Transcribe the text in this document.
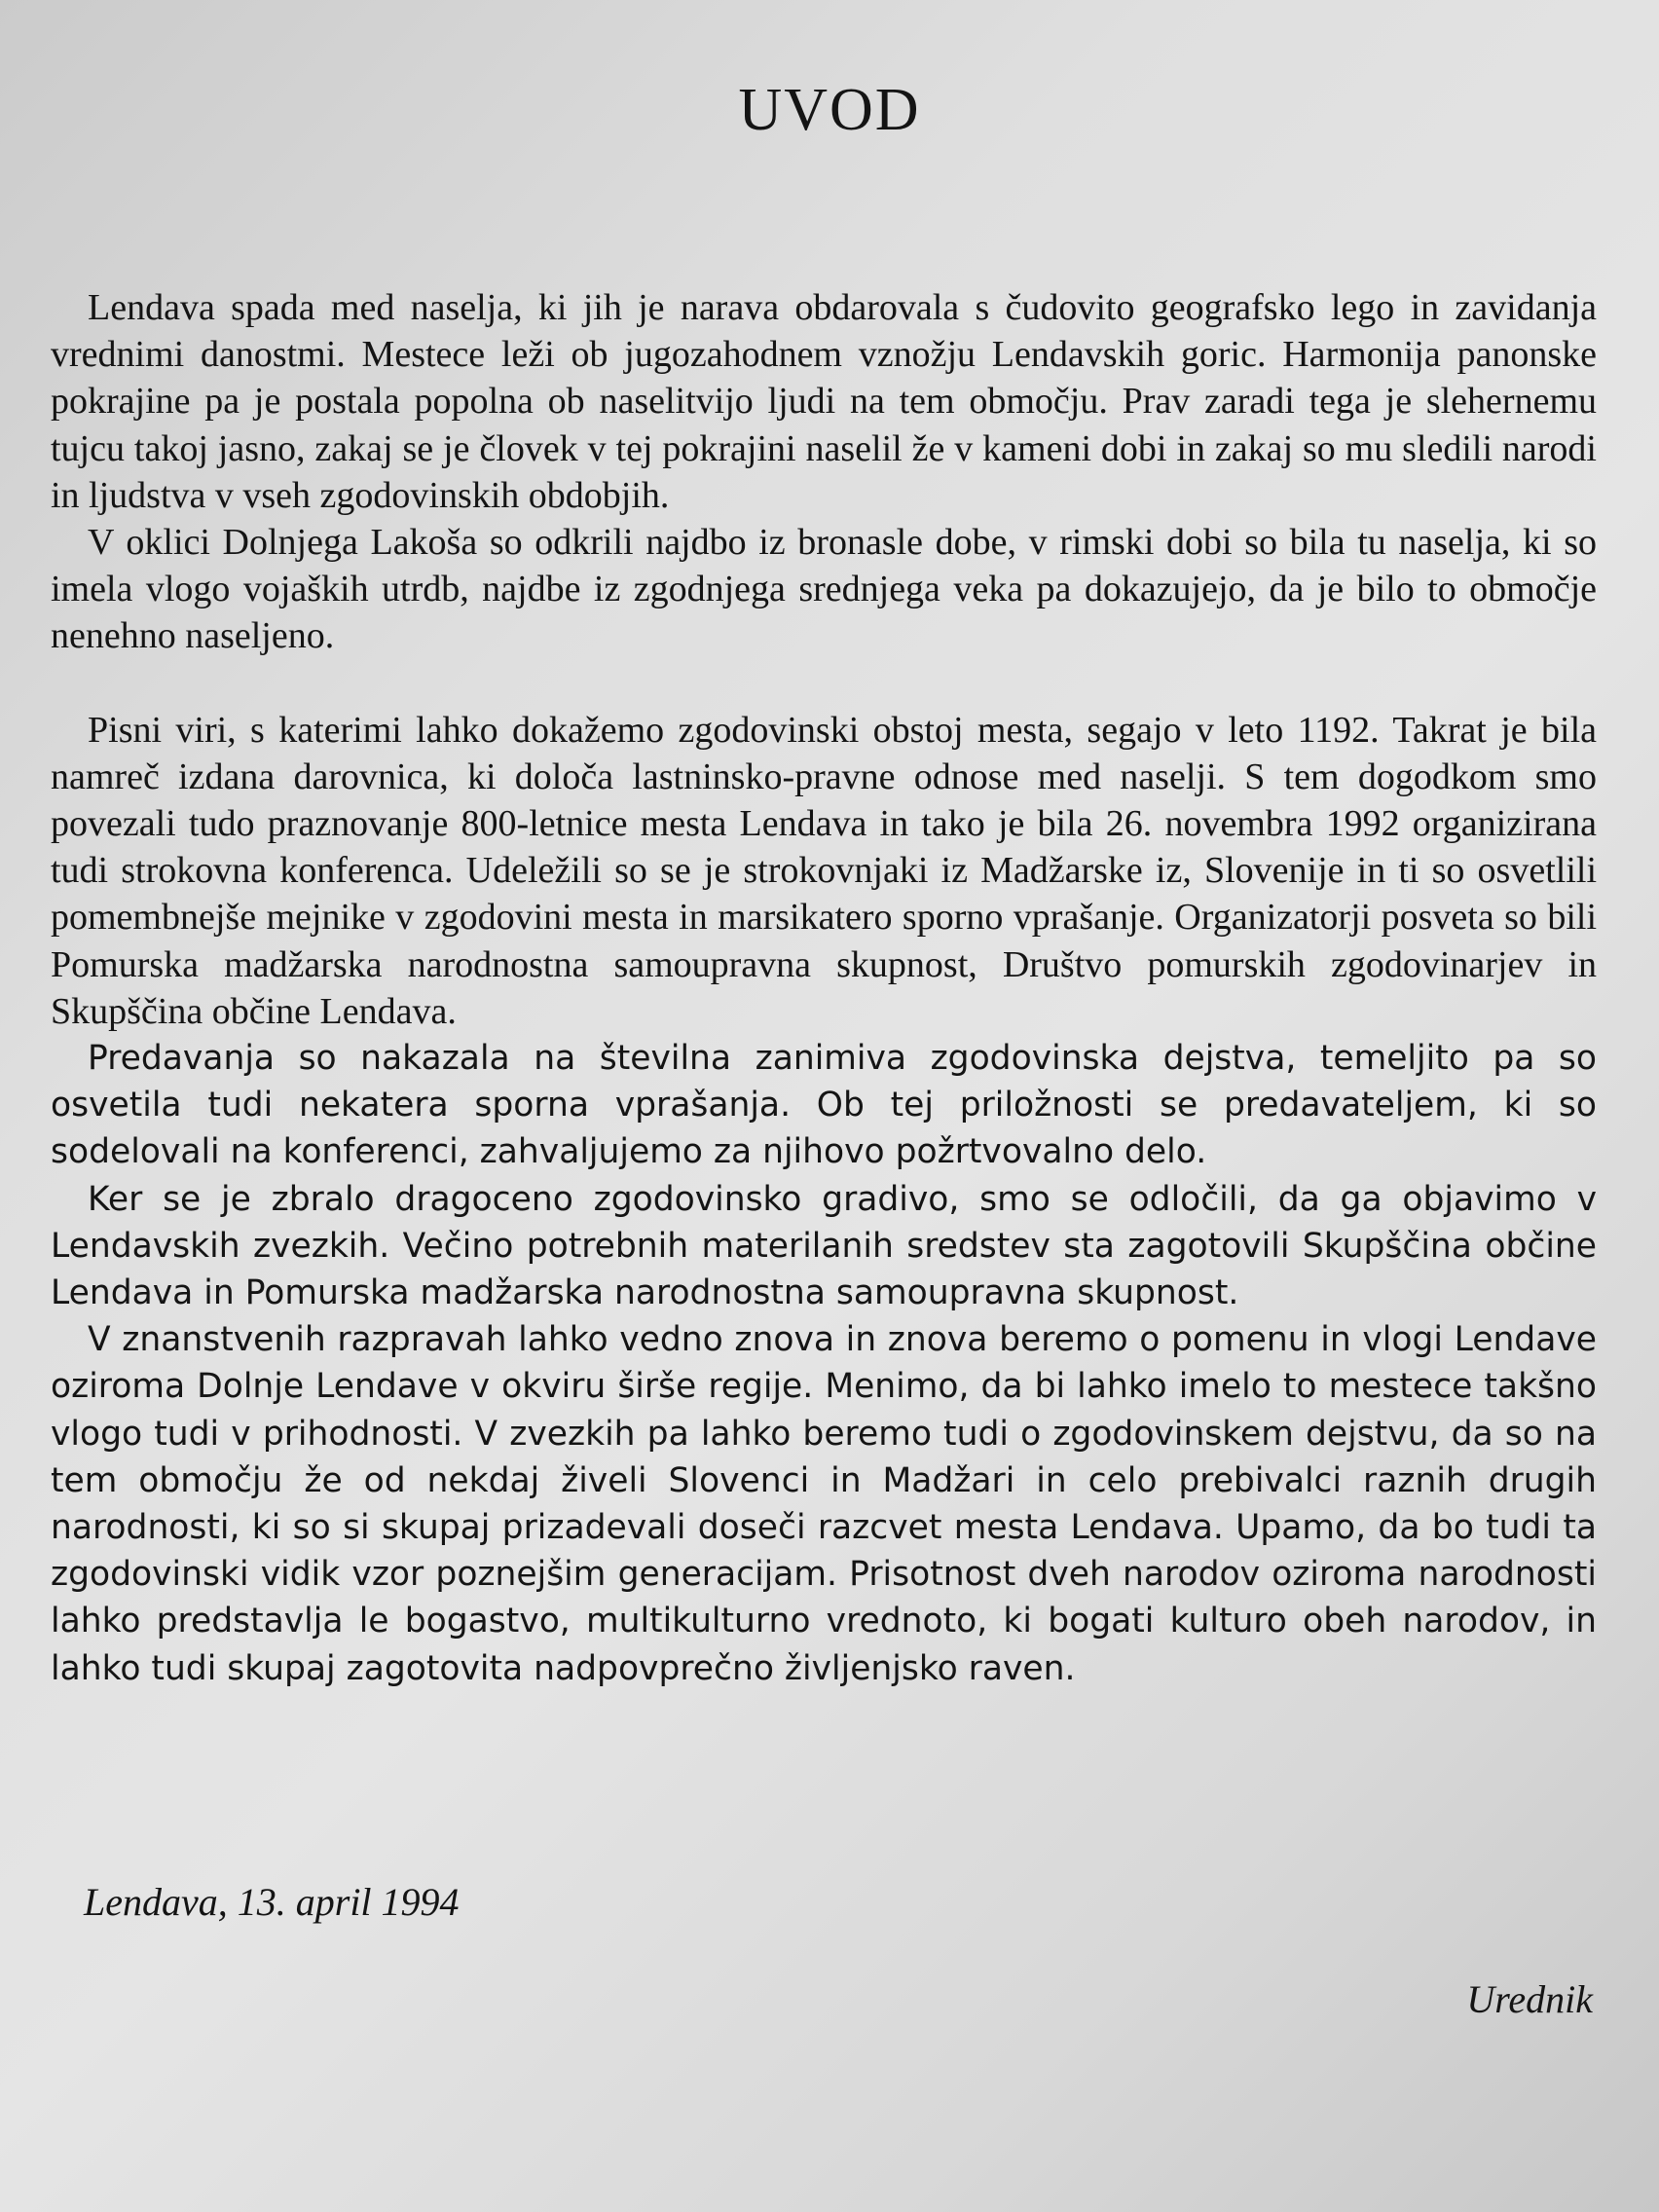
UVOD

Lendava spada med naselja, ki jih je narava obdarovala s čudovito geografsko lego in zavidanja vrednimi danostmi. Mestece leži ob jugozahodnem vznožju Lendavskih goric. Harmonija panonske pokrajine pa je postala popolna ob naselitvijo ljudi na tem območju. Prav zaradi tega je slehernemu tujcu takoj jasno, zakaj se je človek v tej pokrajini naselil že v kameni dobi in zakaj so mu sledili narodi in ljudstva v vseh zgodovinskih obdobjih.

V oklici Dolnjega Lakoša so odkrili najdbo iz bronasle dobe, v rimski dobi so bila tu naselja, ki so imela vlogo vojaških utrdb, najdbe iz zgodnjega srednjega veka pa dokazujejo, da je bilo to območje nenehno naseljeno.

Pisni viri, s katerimi lahko dokažemo zgodovinski obstoj mesta, segajo v leto 1192. Takrat je bila namreč izdana darovnica, ki določa lastninsko-pravne odnose med naselji. S tem dogodkom smo povezali tudo praznovanje 800-letnice mesta Lendava in tako je bila 26. novembra 1992 organizirana tudi strokovna konferenca. Udeležili so se je strokovnjaki iz Madžarske iz, Slovenije in ti so osvetlili pomembnejše mejnike v zgodovini mesta in marsikatero sporno vprašanje. Organizatorji posveta so bili Pomurska madžarska narodnostna samoupravna skupnost, Društvo pomurskih zgodovinarjev in Skupščina občine Lendava.

Predavanja so nakazala na številna zanimiva zgodovinska dejstva, temeljito pa so osvetila tudi nekatera sporna vprašanja. Ob tej priložnosti se predavateljem, ki so sodelovali na konferenci, zahvaljujemo za njihovo požrtvovalno delo.

Ker se je zbralo dragoceno zgodovinsko gradivo, smo se odločili, da ga objavimo v Lendavskih zvezkih. Večino potrebnih materilanih sredstev sta zagotovili Skupščina občine Lendava in Pomurska madžarska narodnostna samoupravna skupnost.

V znanstvenih razpravah lahko vedno znova in znova beremo o pomenu in vlogi Lendave oziroma Dolnje Lendave v okviru širše regije. Menimo, da bi lahko imelo to mestece takšno vlogo tudi v prihodnosti. V zvezkih pa lahko beremo tudi o zgodovinskem dejstvu, da so na tem območju že od nekdaj živeli Slovenci in Madžari in celo prebivalci raznih drugih narodnosti, ki so si skupaj prizadevali doseči razcvet mesta Lendava. Upamo, da bo tudi ta zgodovinski vidik vzor poznejšim generacijam. Prisotnost dveh narodov oziroma narodnosti lahko predstavlja le bogastvo, multikulturno vrednoto, ki bogati kulturo obeh narodov, in lahko tudi skupaj zagotovita nadpovprečno življenjsko raven.

Lendava, 13. april 1994
Urednik
